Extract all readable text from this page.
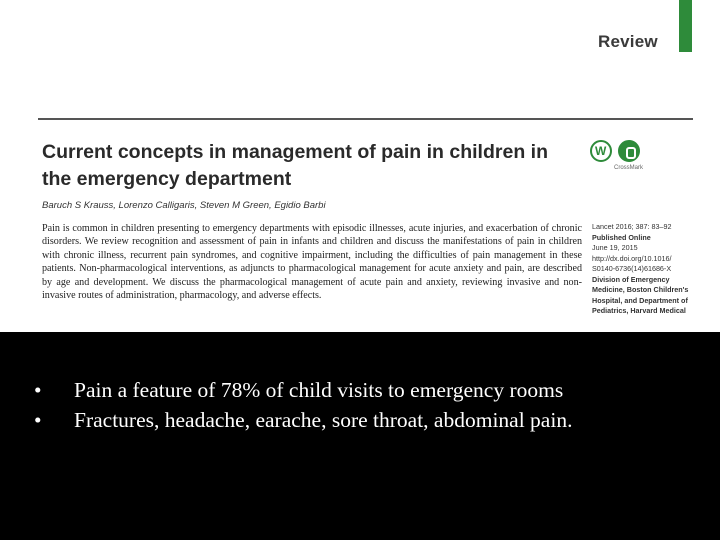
Review
Current concepts in management of pain in children in the emergency department
Baruch S Krauss, Lorenzo Calligaris, Steven M Green, Egidio Barbi
Pain is common in children presenting to emergency departments with episodic illnesses, acute injuries, and exacerbation of chronic disorders. We review recognition and assessment of pain in infants and children and discuss the manifestations of pain in children with chronic illness, recurrent pain syndromes, and cognitive impairment, including the difficulties of pain management in these patients. Non-pharmacological interventions, as adjuncts to pharmacological management for acute anxiety and pain, are described by age and development. We discuss the pharmacological management of acute pain and anxiety, reviewing invasive and non-invasive routes of administration, pharmacology, and adverse effects.
W
CrossMark
Lancet 2016; 387: 83–92
Published Online
June 19, 2015
http://dx.doi.org/10.1016/
S0140-6736(14)61686-X
Division of Emergency Medicine, Boston Children's Hospital, and Department of Pediatrics, Harvard Medical
• Pain a feature of 78% of child visits to emergency rooms
• Fractures, headache, earache, sore throat, abdominal pain.
